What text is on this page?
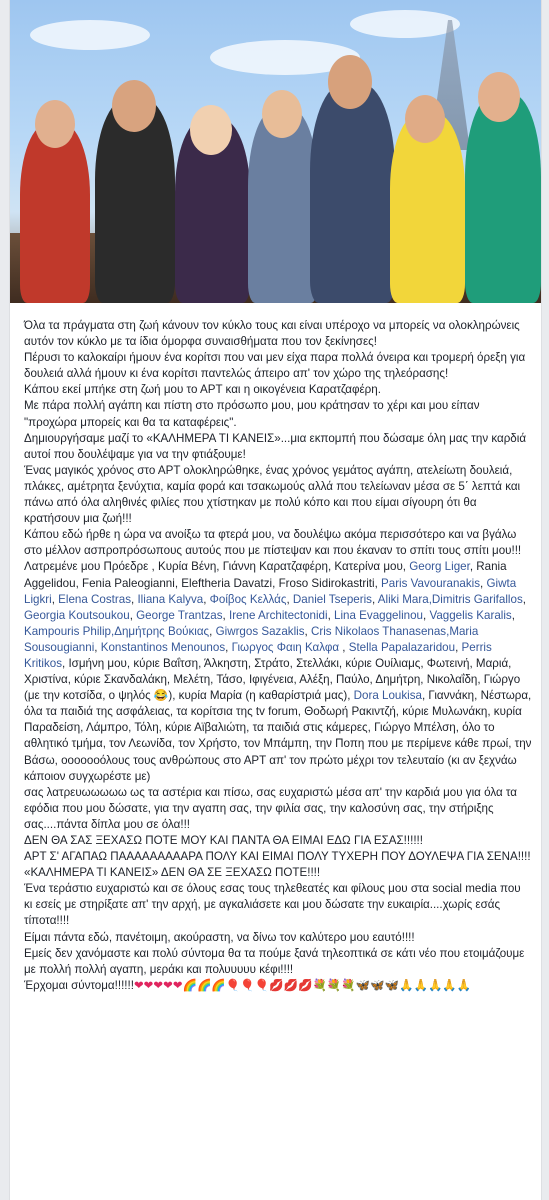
Όλα τα πράγματα στη ζωή κάνουν τον κύκλο τους και είναι υπέροχο να μπορείς να ολοκληρώνεις αυτόν τον κύκλο με τα ίδια όμορφα συναισθήματα που τον ξεκίνησες!

Πέρυσι το καλοκαίρι ήμουν ένα κορίτσι που ναι μεν είχα παρα πολλά όνειρα και τρομερή όρεξη για δουλειά αλλά ήμουν κι ένα κορίτσι παντελώς άπειρο απ' τον χώρο της τηλεόρασης!

Κάπου εκεί μπήκε στη ζωή μου το ΑΡΤ και η οικογένεια Καρατζαφέρη.

Με πάρα πολλή αγάπη και πίστη στο πρόσωπο μου, μου κράτησαν το χέρι και μου είπαν "προχώρα μπορείς και θα τα καταφέρεις".

Δημιουργήσαμε μαζί το «ΚΑΛΗΜΕΡΑ ΤΙ ΚΑΝΕΙΣ»...μια εκπομπή που δώσαμε όλη μας την καρδιά αυτοί που δουλέψαμε για να την φτιάξουμε!

Ένας μαγικός χρόνος στο ΑΡΤ ολοκληρώθηκε, ένας χρόνος γεμάτος αγάπη, ατελείωτη δουλειά, πλάκες, αμέτρητα ξενύχτια, καμία φορά και τσακωμούς αλλά που τελείωναν μέσα σε 5΄ λεπτά και πάνω από όλα αληθινές φιλίες που χτίστηκαν με πολύ κόπο και που είμαι σίγουρη ότι θα κρατήσουν μια ζωή!!!

Κάπου εδώ ήρθε η ώρα να ανοίξω τα φτερά μου, να δουλέψω ακόμα περισσότερο και να βγάλω στο μέλλον ασπροπρόσωπους αυτούς που με πίστεψαν και που έκαναν το σπίτι τους σπίτι μου!!!

Λατρεμένε μου Πρόεδρε , Κυρία Βένη, Γιάννη Καρατζαφέρη, Κατερίνα μου, Georg Liger, Rania Aggelidou, Fenia Paleogianni, Eleftheria Davatzi, Froso Sidirokastriti, Paris Vavouranakis, Giwta Ligkri, Elena Costras, Iliana Kalyva, Φοίβος Κελλάς, Daniel Tseperis, Aliki Mara,Dimitris Garifallos, Georgia Koutsoukou, George Trantzas, Irene Architectonidi, Lina Evaggelinou, Vaggelis Karalis, Kampouris Philip,Δημήτρης Βούκιας, Giwrgos Sazaklis, Cris Nikolaos Thanasenas,Maria Sousougianni, Konstantinos Menounos, Γιωργος Φαιη Καλφα , Stella Papalazaridou, Perris Kritikos, Ισμήνη μου, κύριε Βαΐτση, Άλκηστη, Στράτο, Στελλάκι, κύριε Ουίλιαμς, Φωτεινή, Μαριά, Χριστίνα, κύριε Σκανδαλάκη, Μελέτη, Τάσο, Ιφιγένεια, Αλέξη, Παύλο, Δημήτρη, Νικολαΐδη, Γιώργο (με την κοτσίδα, ο ψηλός 😂), κυρία Μαρία (η καθαρίστριά μας), Dora Loukisa, Γιαννάκη, Νέστωρα, όλα τα παιδιά της ασφάλειας, τα κορίτσια της tv forum, Θοδωρή Ρακιντζή, κύριε Μυλωνάκη, κυρία Παραδείση, Λάμπρο, Τόλη, κύριε Αϊβαλιώτη, τα παιδιά στις κάμερες, Γιώργο Μπέλση, όλο το αθλητικό τμήμα, τον Λεωνίδα, τον Χρήστο, τον Μπάμπη, την Ποπη που με περίμενε κάθε πρωί, την Βάσω, οοοοοοόλους τους ανθρώπους στο ΑΡΤ απ' τον πρώτο μέχρι τον τελευταίο (κι αν ξεχνάω κάποιον συγχωρέστε με)

σας λατρευωωωωω ως τα αστέρια και πίσω, σας ευχαριστώ μέσα απ' την καρδιά μου για όλα τα εφόδια που μου δώσατε, για την αγαπη σας, την φιλία σας, την καλοσύνη σας, την στήριξης σας....πάντα δίπλα μου σε όλα!!!

ΔΕΝ ΘΑ ΣΑΣ ΞΕΧΑΣΩ ΠΟΤΕ ΜΟΥ ΚΑΙ ΠΑΝΤΑ ΘΑ ΕΙΜΑΙ ΕΔΩ ΓΙΑ ΕΣΑΣ!!!!!!

ΑΡΤ Σ' ΑΓΑΠΑΩ ΠΑΑΑΑΑΑΑΑΑΡΑ ΠΟΛΥ ΚΑΙ ΕΙΜΑΙ ΠΟΛΥ ΤΥΧΕΡΗ ΠΟΥ ΔΟΥΛΕΨΑ ΓΙΑ ΣΕΝΑ!!!!

«ΚΑΛΗΜΕΡΑ ΤΙ ΚΑΝΕΙΣ» ΔΕΝ ΘΑ ΣΕ ΞΕΧΑΣΩ ΠΟΤΕ!!!!

Ένα τεράστιο ευχαριστώ και σε όλους εσας τους τηλεθεατές και φίλους μου στα social media που κι εσείς με στηρίξατε απ' την αρχή, με αγκαλιάσετε και μου δώσατε την ευκαιρία....χωρίς εσάς τίποτα!!!!

Είμαι πάντα εδώ, πανέτοιμη, ακούραστη, να δίνω τον καλύτερο μου εαυτό!!!!

Εμείς δεν χανόμαστε και πολύ σύντομα θα τα πούμε ξανά τηλεοπτικά σε κάτι νέο που ετοιμάζουμε με πολλή πολλή αγαπη, μεράκι και πολυυυυυ κέφι!!!!

Έρχομαι σύντομα!!!!!!❤❤❤❤❤🌈🌈🌈🎈🎈🎈💋💋💋💐💐💐🦋🦋🦋🙏🙏🙏🙏🙏
